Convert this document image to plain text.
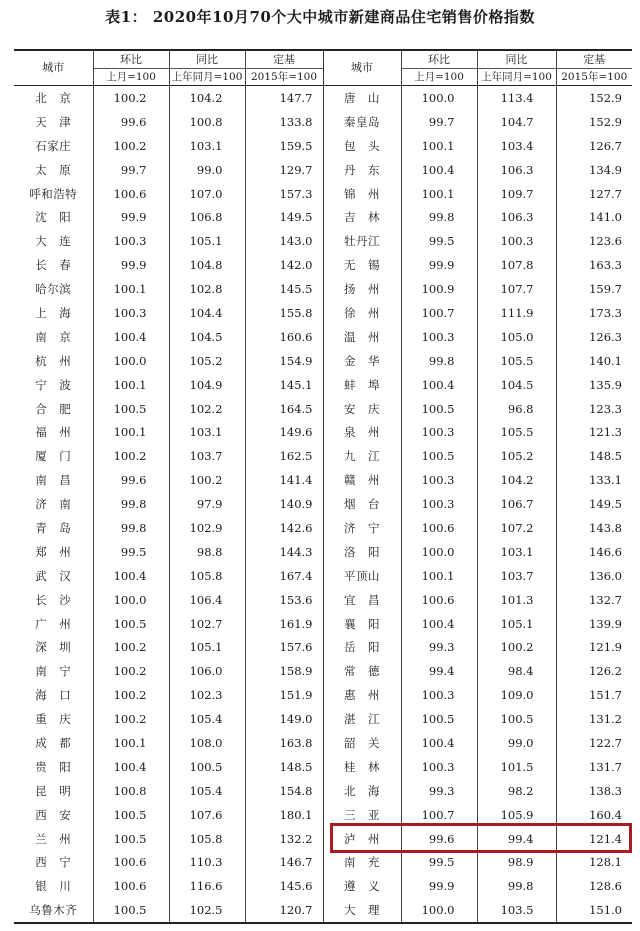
表1： 2020年10月70个大中城市新建商品住宅销售价格指数
城市	环比	同比	定基	城市	环比	同比	定基
	上月=100	上年同月=100	2015年=100		上月=100	上年同月=100	2015年=100
北　京	100.2	104.2	147.7	唐　山	100.0	113.4	152.9
天　津	99.6	100.8	133.8	秦皇岛	99.7	104.7	152.9
石家庄	100.2	103.1	159.5	包　头	100.1	103.4	126.7
太　原	99.7	99.0	129.7	丹　东	100.4	106.3	134.9
呼和浩特	100.6	107.0	157.3	锦　州	100.1	109.7	127.7
沈　阳	99.9	106.8	149.5	吉　林	99.8	106.3	141.0
大　连	100.3	105.1	143.0	牡丹江	99.5	100.3	123.6
长　春	99.9	104.8	142.0	无　锡	99.9	107.8	163.3
哈尔滨	100.1	102.8	145.5	扬　州	100.9	107.7	159.7
上　海	100.3	104.4	155.8	徐　州	100.7	111.9	173.3
南　京	100.4	104.5	160.6	温　州	100.3	105.0	126.3
杭　州	100.0	105.2	154.9	金　华	99.8	105.5	140.1
宁　波	100.1	104.9	145.1	蚌　埠	100.4	104.5	135.9
合　肥	100.5	102.2	164.5	安　庆	100.5	96.8	123.3
福　州	100.1	103.1	149.6	泉　州	100.3	105.5	121.3
厦　门	100.2	103.7	162.5	九　江	100.5	105.2	148.5
南　昌	99.6	100.2	141.4	赣　州	100.3	104.2	133.1
济　南	99.8	97.9	140.9	烟　台	100.3	106.7	149.5
青　岛	99.8	102.9	142.6	济　宁	100.6	107.2	143.8
郑　州	99.5	98.8	144.3	洛　阳	100.0	103.1	146.6
武　汉	100.4	105.8	167.4	平顶山	100.1	103.7	136.0
长　沙	100.0	106.4	153.6	宜　昌	100.6	101.3	132.7
广　州	100.5	102.7	161.9	襄　阳	100.4	105.1	139.9
深　圳	100.2	105.1	157.6	岳　阳	99.3	100.2	121.9
南　宁	100.2	106.0	158.9	常　德	99.4	98.4	126.2
海　口	100.2	102.3	151.9	惠　州	100.3	109.0	151.7
重　庆	100.2	105.4	149.0	湛　江	100.5	100.5	131.2
成　都	100.1	108.0	163.8	韶　关	100.4	99.0	122.7
贵　阳	100.4	100.5	148.5	桂　林	100.3	101.5	131.7
昆　明	100.8	105.4	154.8	北　海	99.3	98.2	138.3
西　安	100.5	107.6	180.1	三　亚	100.7	105.9	160.4
兰　州	100.5	105.8	132.2	泸　州	99.6	99.4	121.4
西　宁	100.6	110.3	146.7	南　充	99.5	98.9	128.1
银　川	100.6	116.6	145.6	遵　义	99.9	99.8	128.6
乌鲁木齐	100.5	102.5	120.7	大　理	100.0	103.5	151.0
